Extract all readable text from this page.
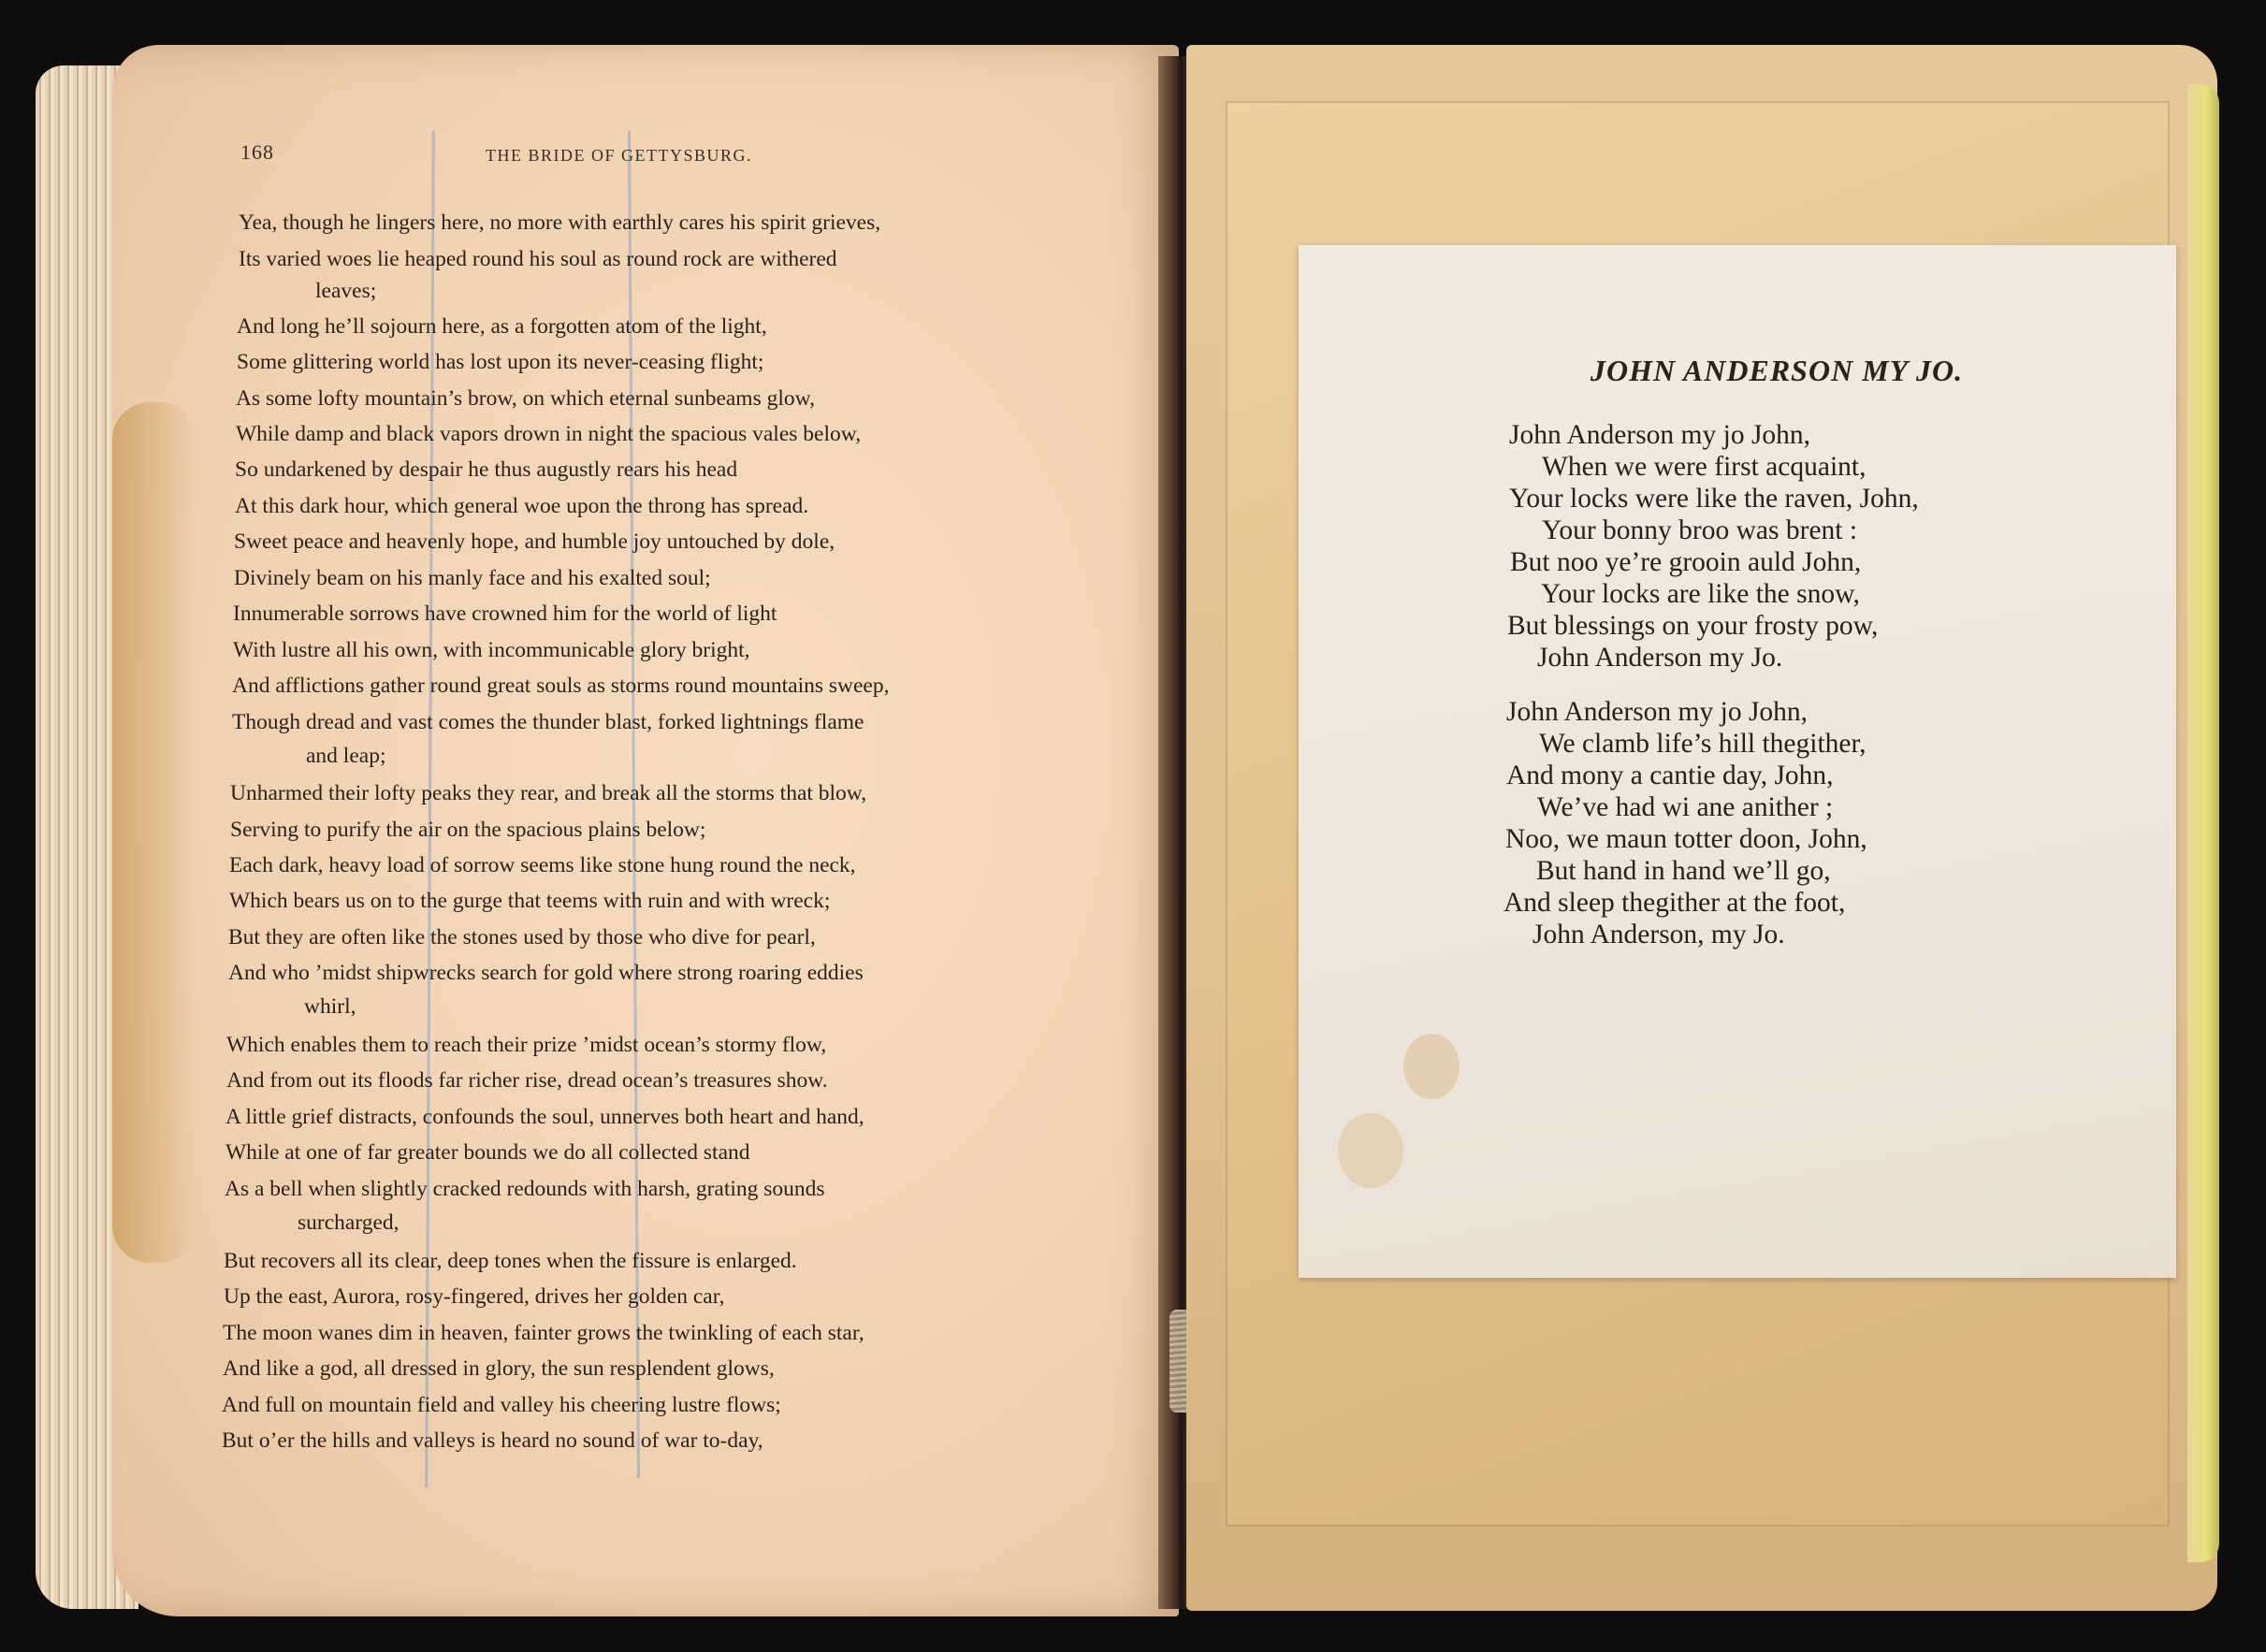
168	THE BRIDE OF GETTYSBURG.
Yea, though he lingers here, no more with earthly cares his spirit grieves,
Its varied woes lie heaped round his soul as round rock are withered
leaves;
And long he’ll sojourn here, as a forgotten atom of the light,
Some glittering world has lost upon its never-ceasing flight;
As some lofty mountain’s brow, on which eternal sunbeams glow,
While damp and black vapors drown in night the spacious vales below,
So undarkened by despair he thus augustly rears his head
At this dark hour, which general woe upon the throng has spread.
Sweet peace and heavenly hope, and humble joy untouched by dole,
Divinely beam on his manly face and his exalted soul;
Innumerable sorrows have crowned him for the world of light
With lustre all his own, with incommunicable glory bright,
And afflictions gather round great souls as storms round mountains sweep,
Though dread and vast comes the thunder blast, forked lightnings flame
and leap;
Unharmed their lofty peaks they rear, and break all the storms that blow,
Serving to purify the air on the spacious plains below;
Each dark, heavy load of sorrow seems like stone hung round the neck,
Which bears us on to the gurge that teems with ruin and with wreck;
But they are often like the stones used by those who dive for pearl,
And who ’midst shipwrecks search for gold where strong roaring eddies
whirl,
Which enables them to reach their prize ’midst ocean’s stormy flow,
And from out its floods far richer rise, dread ocean’s treasures show.
A little grief distracts, confounds the soul, unnerves both heart and hand,
While at one of far greater bounds we do all collected stand
As a bell when slightly cracked redounds with harsh, grating sounds
surcharged,
But recovers all its clear, deep tones when the fissure is enlarged.
Up the east, Aurora, rosy-fingered, drives her golden car,
The moon wanes dim in heaven, fainter grows the twinkling of each star,
And like a god, all dressed in glory, the sun resplendent glows,
And full on mountain field and valley his cheering lustre flows;
But o’er the hills and valleys is heard no sound of war to-day,
JOHN ANDERSON MY JO.
John Anderson my jo John,
When we were first acquaint,
Your locks were like the raven, John,
Your bonny broo was brent :
But noo ye’re grooin auld John,
Your locks are like the snow,
But blessings on your frosty pow,
John Anderson my Jo.
John Anderson my jo John,
We clamb life’s hill thegither,
And mony a cantie day, John,
We’ve had wi ane anither ;
Noo, we maun totter doon, John,
But hand in hand we’ll go,
And sleep thegither at the foot,
John Anderson, my Jo.
